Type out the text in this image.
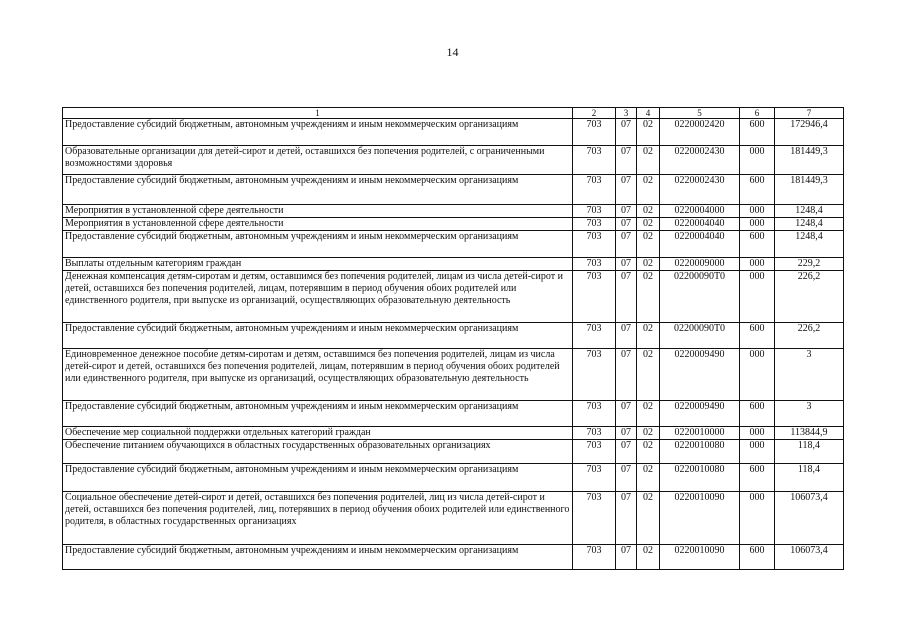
14
1	2	3	4	5	6	7
Предоставление субсидий бюджетным, автономным учреждениям и иным некоммерческим организациям	703	07	02	0220002420	600	172946,4
Образовательные организации для детей-сирот и детей, оставшихся без попечения родителей, с ограниченными возможностями здоровья	703	07	02	0220002430	000	181449,3
Предоставление субсидий бюджетным, автономным учреждениям и иным некоммерческим организациям	703	07	02	0220002430	600	181449,3
Мероприятия в установленной сфере деятельности	703	07	02	0220004000	000	1248,4
Мероприятия в установленной сфере деятельности	703	07	02	0220004040	000	1248,4
Предоставление субсидий бюджетным, автономным учреждениям и иным некоммерческим организациям	703	07	02	0220004040	600	1248,4
Выплаты отдельным категориям граждан	703	07	02	0220009000	000	229,2
Денежная компенсация детям-сиротам и детям, оставшимся без попечения родителей, лицам из числа детей-сирот и детей, оставшихся без попечения родителей, лицам, потерявшим в период обучения обоих родителей или единственного родителя, при выпуске из организаций, осуществляющих образовательную деятельность	703	07	02	02200090Т0	000	226,2
Предоставление субсидий бюджетным, автономным учреждениям и иным некоммерческим организациям	703	07	02	02200090Т0	600	226,2
Единовременное денежное пособие детям-сиротам и детям, оставшимся без попечения родителей, лицам из числа детей-сирот и детей, оставшихся без попечения родителей, лицам, потерявшим в период обучения обоих родителей или единственного родителя, при выпуске из организаций, осуществляющих образовательную деятельность	703	07	02	0220009490	000	3
Предоставление субсидий бюджетным, автономным учреждениям и иным некоммерческим организациям	703	07	02	0220009490	600	3
Обеспечение мер социальной поддержки отдельных категорий граждан	703	07	02	0220010000	000	113844,9
Обеспечение питанием обучающихся в областных государственных образовательных организациях	703	07	02	0220010080	000	118,4
Предоставление субсидий бюджетным, автономным учреждениям и иным некоммерческим организациям	703	07	02	0220010080	600	118,4
Социальное обеспечение детей-сирот и детей, оставшихся без попечения родителей, лиц из числа детей-сирот и детей, оставшихся без попечения родителей, лиц, потерявших в период обучения обоих родителей или единственного родителя, в областных государственных организациях	703	07	02	0220010090	000	106073,4
Предоставление субсидий бюджетным, автономным учреждениям и иным некоммерческим организациям	703	07	02	0220010090	600	106073,4
